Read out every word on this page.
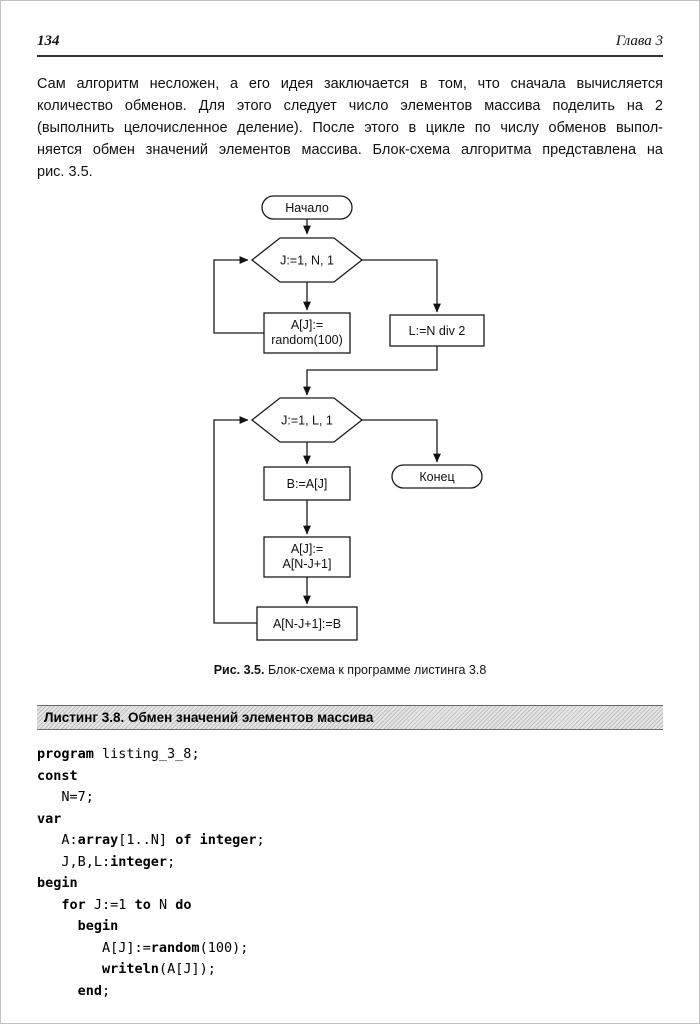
134	Глава 3
Сам алгоритм несложен, а его идея заключается в том, что сначала вычисляется
количество обменов. Для этого следует число элементов массива поделить на 2
(выполнить целочисленное деление). После этого в цикле по числу обменов выпол-
няется обмен значений элементов массива. Блок-схема алгоритма представлена на
рис. 3.5.
Начало
J:=1, N, 1
A[J]:=
random(100)
L:=N div 2
J:=1, L, 1
B:=A[J]	Конец
A[J]:=
A[N-J+1]
A[N-J+1]:=B
Рис. 3.5. Блок-схема к программе листинга 3.8
Листинг 3.8. Обмен значений элементов массива
program listing_3_8;
const
N=7;
var
A:array[1..N] of integer;
J,B,L:integer;
begin
for J:=1 to N do
begin
A[J]:=random(100);
writeln(A[J]);
end;
